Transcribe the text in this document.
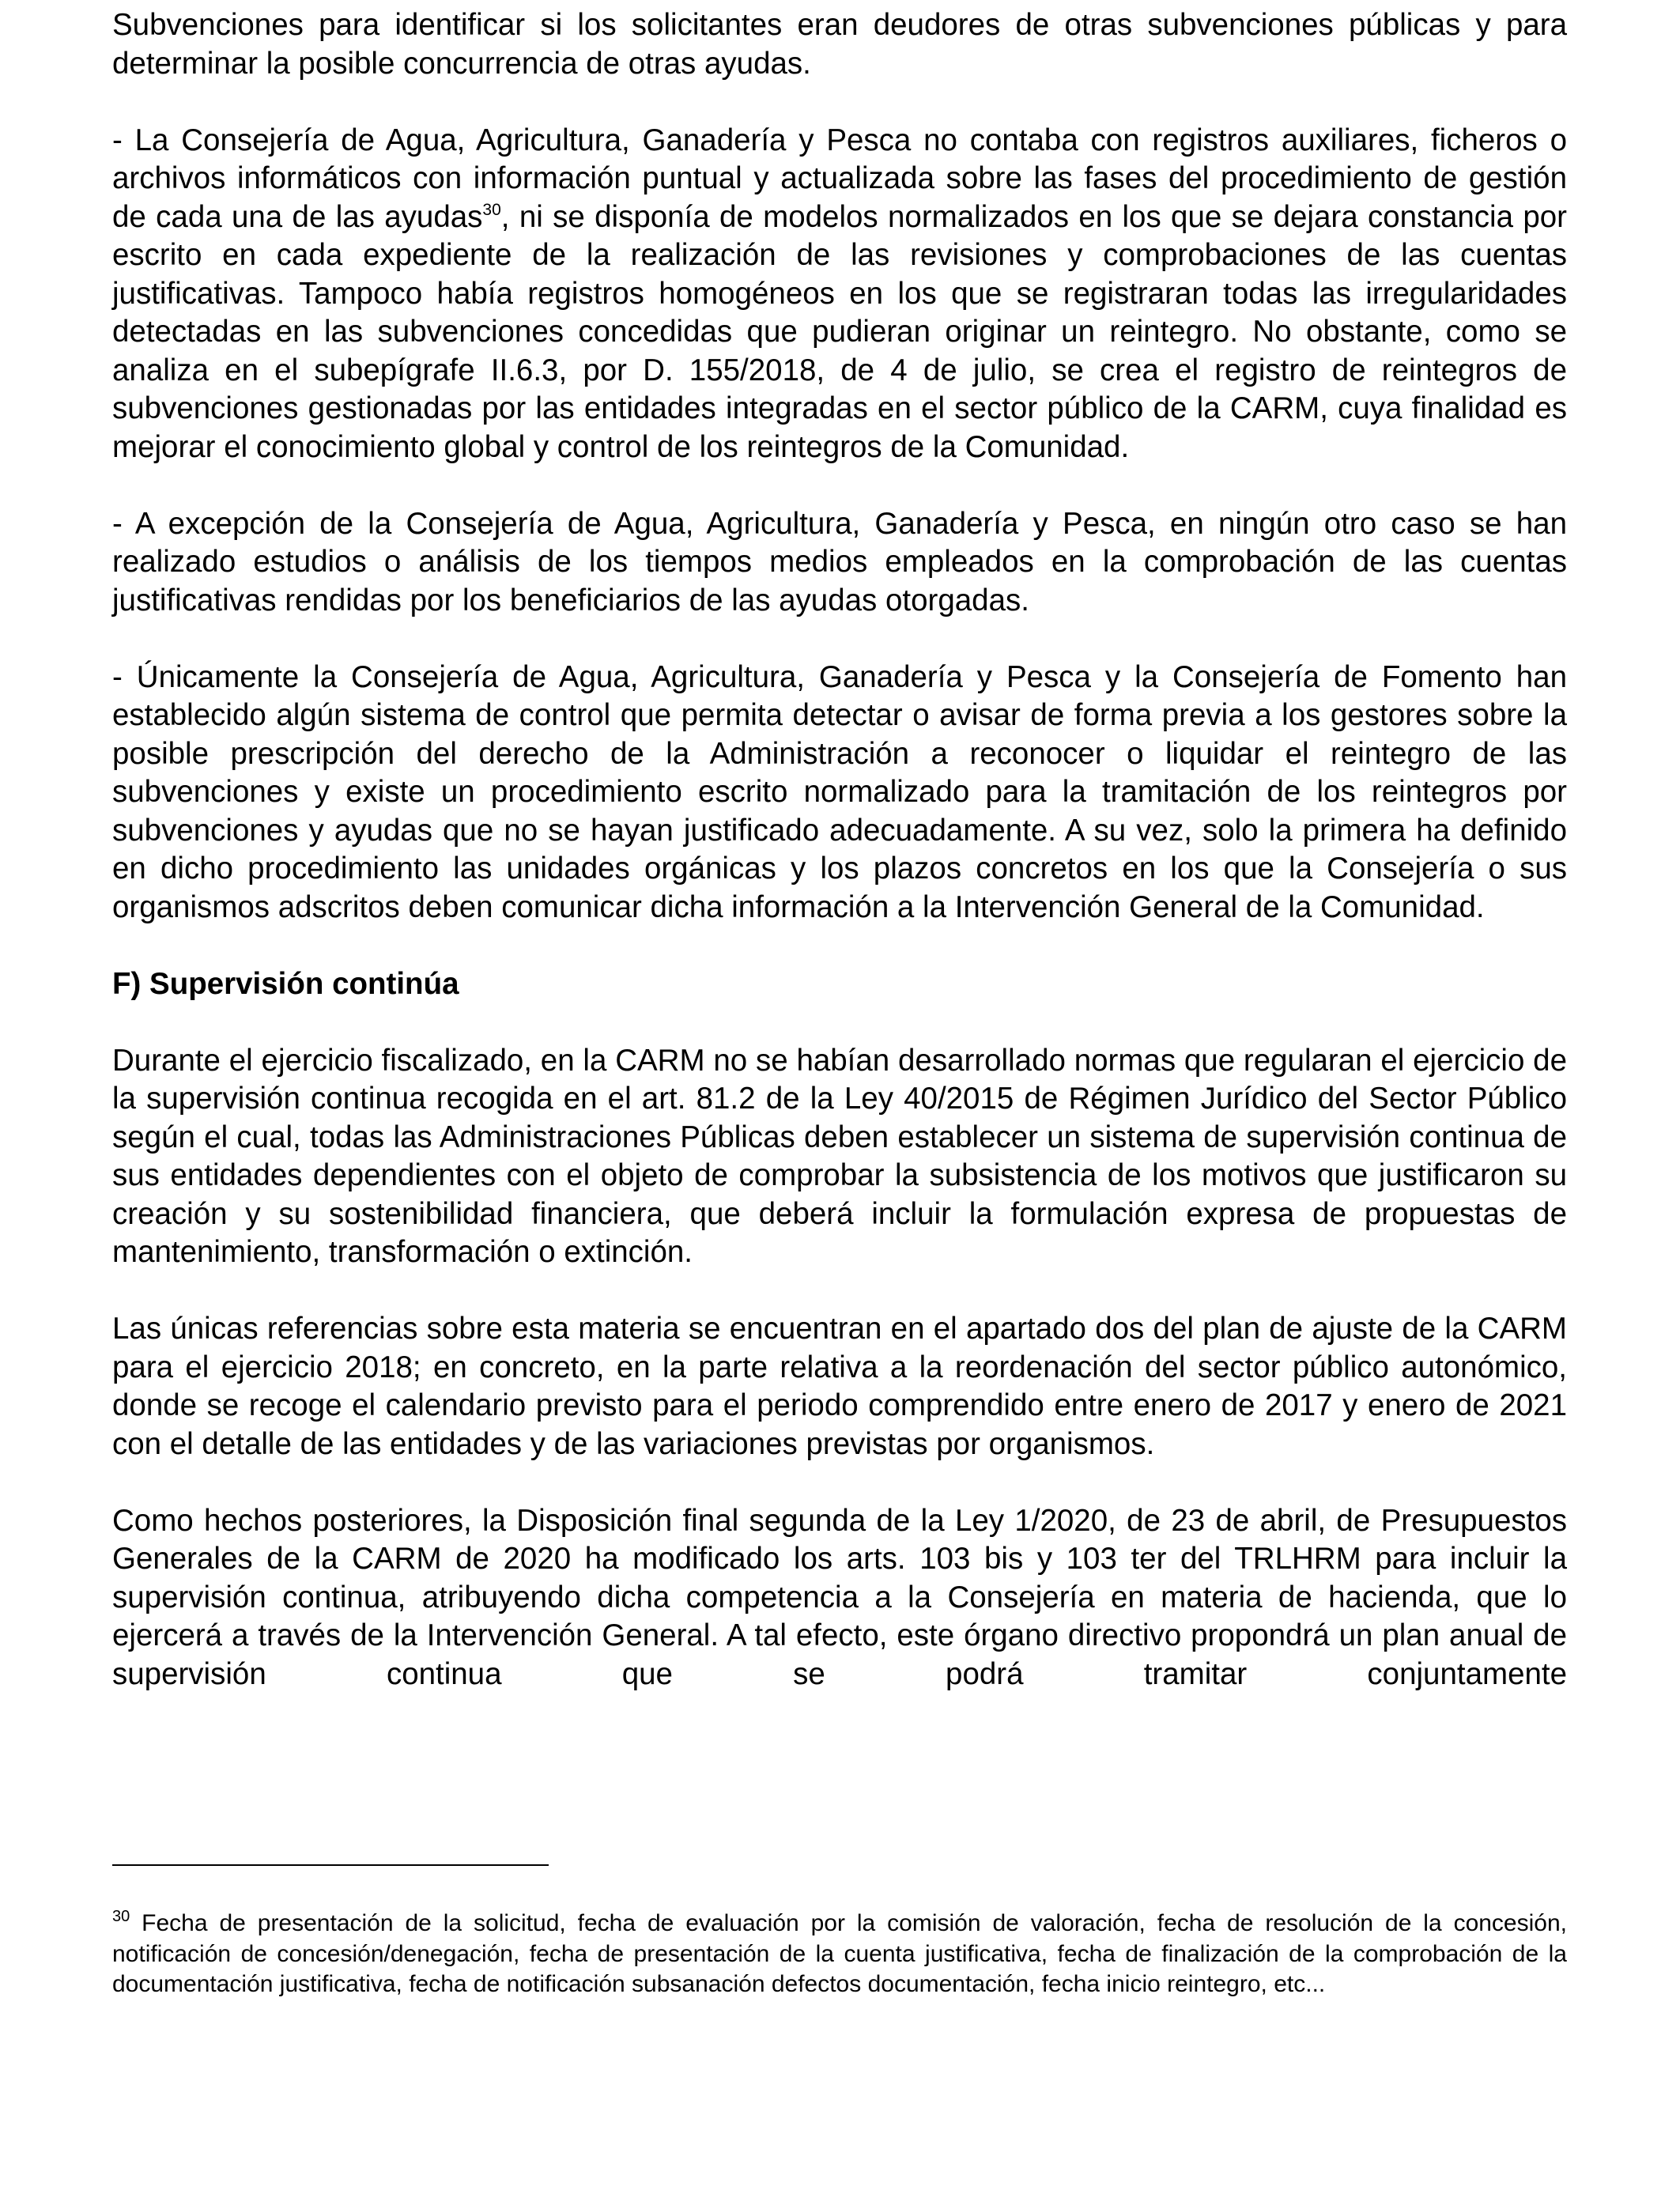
Subvenciones para identificar si los solicitantes eran deudores de otras subvenciones públicas y para determinar la posible concurrencia de otras ayudas.

- La Consejería de Agua, Agricultura, Ganadería y Pesca no contaba con registros auxiliares, ficheros o archivos informáticos con información puntual y actualizada sobre las fases del procedimiento de gestión de cada una de las ayudas$^{30}$, ni se disponía de modelos normalizados en los que se dejara constancia por escrito en cada expediente de la realización de las revisiones y comprobaciones de las cuentas justificativas. Tampoco había registros homogéneos en los que se registraran todas las irregularidades detectadas en las subvenciones concedidas que pudieran originar un reintegro. No obstante, como se analiza en el subepígrafe II.6.3, por D. 155/2018, de 4 de julio, se crea el registro de reintegros de subvenciones gestionadas por las entidades integradas en el sector público de la CARM, cuya finalidad es mejorar el conocimiento global y control de los reintegros de la Comunidad.

- A excepción de la Consejería de Agua, Agricultura, Ganadería y Pesca, en ningún otro caso se han realizado estudios o análisis de los tiempos medios empleados en la comprobación de las cuentas justificativas rendidas por los beneficiarios de las ayudas otorgadas.

- Únicamente la Consejería de Agua, Agricultura, Ganadería y Pesca y la Consejería de Fomento han establecido algún sistema de control que permita detectar o avisar de forma previa a los gestores sobre la posible prescripción del derecho de la Administración a reconocer o liquidar el reintegro de las subvenciones y existe un procedimiento escrito normalizado para la tramitación de los reintegros por subvenciones y ayudas que no se hayan justificado adecuadamente. A su vez, solo la primera ha definido en dicho procedimiento las unidades orgánicas y los plazos concretos en los que la Consejería o sus organismos adscritos deben comunicar dicha información a la Intervención General de la Comunidad.

F) Supervisión continúa

Durante el ejercicio fiscalizado, en la CARM no se habían desarrollado normas que regularan el ejercicio de la supervisión continua recogida en el art. 81.2 de la Ley 40/2015 de Régimen Jurídico del Sector Público según el cual, todas las Administraciones Públicas deben establecer un sistema de supervisión continua de sus entidades dependientes con el objeto de comprobar la subsistencia de los motivos que justificaron su creación y su sostenibilidad financiera, que deberá incluir la formulación expresa de propuestas de mantenimiento, transformación o extinción.

Las únicas referencias sobre esta materia se encuentran en el apartado dos del plan de ajuste de la CARM para el ejercicio 2018; en concreto, en la parte relativa a la reordenación del sector público autonómico, donde se recoge el calendario previsto para el periodo comprendido entre enero de 2017 y enero de 2021 con el detalle de las entidades y de las variaciones previstas por organismos.

Como hechos posteriores, la Disposición final segunda de la Ley 1/2020, de 23 de abril, de Presupuestos Generales de la CARM de 2020 ha modificado los arts. 103 bis y 103 ter del TRLHRM para incluir la supervisión continua, atribuyendo dicha competencia a la Consejería en materia de hacienda, que lo ejercerá a través de la Intervención General. A tal efecto, este órgano directivo propondrá un plan anual de supervisión continua que se podrá tramitar conjuntamente

$^{30}$ Fecha de presentación de la solicitud, fecha de evaluación por la comisión de valoración, fecha de resolución de la concesión, notificación de concesión/denegación, fecha de presentación de la cuenta justificativa, fecha de finalización de la comprobación de la documentación justificativa, fecha de notificación subsanación defectos documentación, fecha inicio reintegro, etc...
